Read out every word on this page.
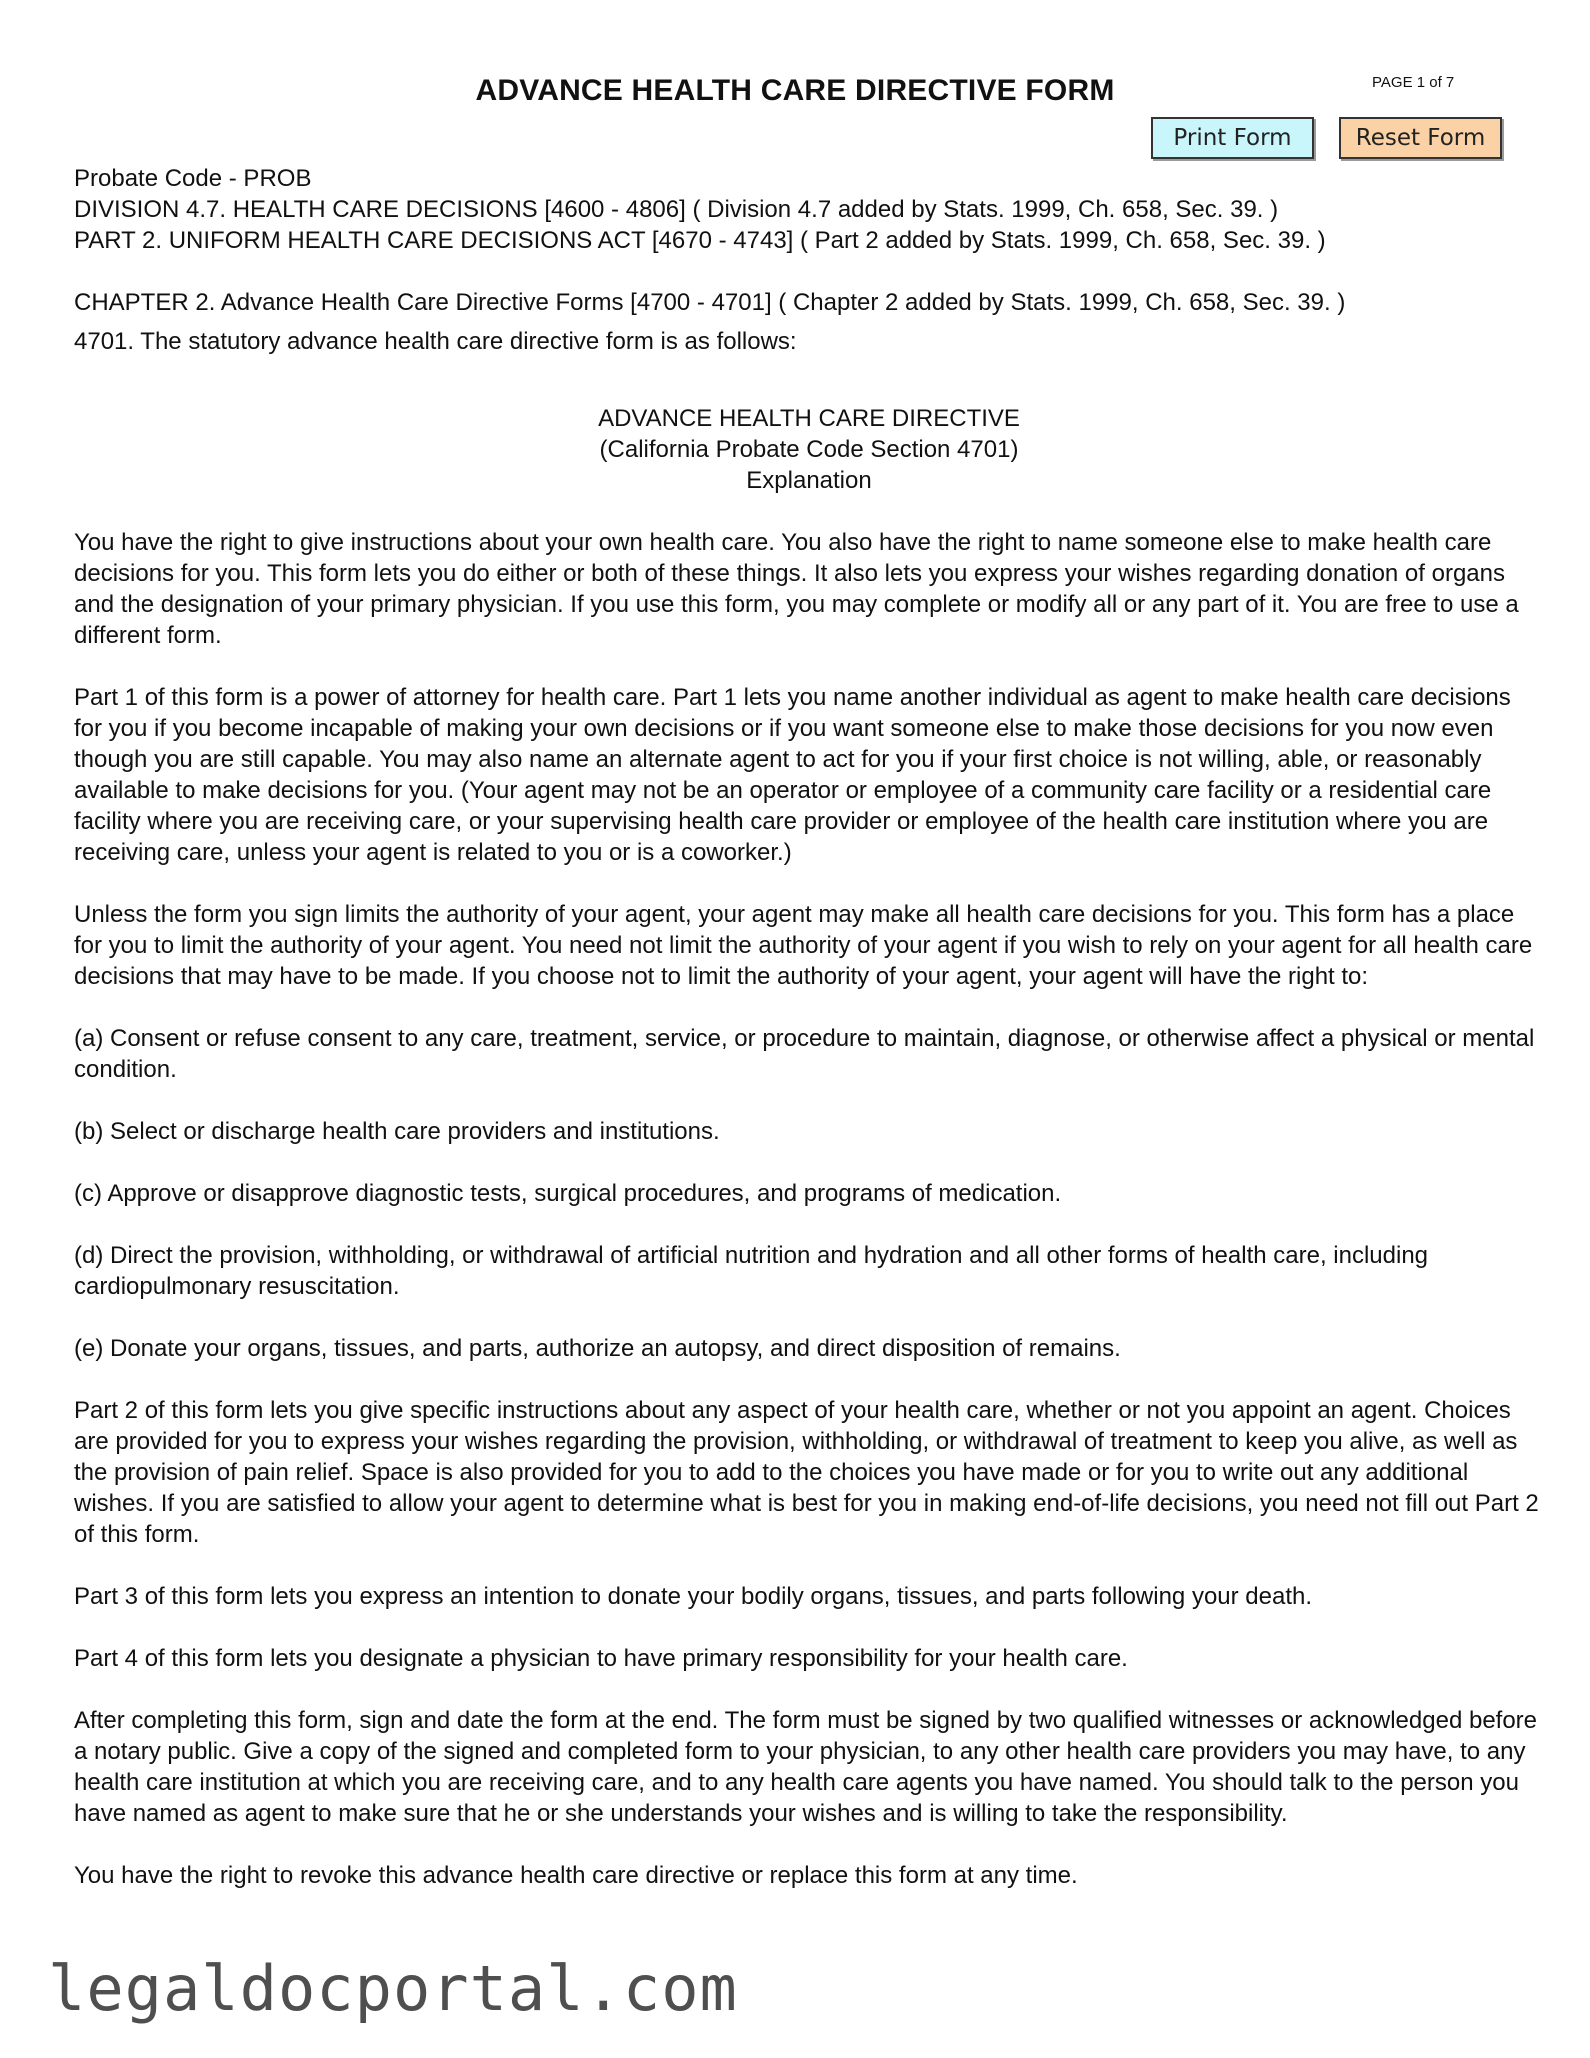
ADVANCE HEALTH CARE DIRECTIVE FORM	PAGE 1 of 7
Print Form	Reset Form

Probate Code - PROB

DIVISION 4.7. HEALTH CARE DECISIONS [4600 - 4806] ( Division 4.7 added by Stats. 1999, Ch. 658, Sec. 39. )

PART 2. UNIFORM HEALTH CARE DECISIONS ACT [4670 - 4743] ( Part 2 added by Stats. 1999, Ch. 658, Sec. 39. )

CHAPTER 2. Advance Health Care Directive Forms [4700 - 4701] ( Chapter 2 added by Stats. 1999, Ch. 658, Sec. 39. )

4701. The statutory advance health care directive form is as follows:

ADVANCE HEALTH CARE DIRECTIVE

(California Probate Code Section 4701)

Explanation

You have the right to give instructions about your own health care. You also have the right to name someone else to make health care decisions for you. This form lets you do either or both of these things. It also lets you express your wishes regarding donation of organs and the designation of your primary physician. If you use this form, you may complete or modify all or any part of it. You are free to use a different form.

Part 1 of this form is a power of attorney for health care. Part 1 lets you name another individual as agent to make health care decisions for you if you become incapable of making your own decisions or if you want someone else to make those decisions for you now even though you are still capable. You may also name an alternate agent to act for you if your first choice is not willing, able, or reasonably available to make decisions for you. (Your agent may not be an operator or employee of a community care facility or a residential care facility where you are receiving care, or your supervising health care provider or employee of the health care institution where you are receiving care, unless your agent is related to you or is a coworker.)

Unless the form you sign limits the authority of your agent, your agent may make all health care decisions for you. This form has a place for you to limit the authority of your agent. You need not limit the authority of your agent if you wish to rely on your agent for all health care decisions that may have to be made. If you choose not to limit the authority of your agent, your agent will have the right to:

(a) Consent or refuse consent to any care, treatment, service, or procedure to maintain, diagnose, or otherwise affect a physical or mental condition.

(b) Select or discharge health care providers and institutions.

(c) Approve or disapprove diagnostic tests, surgical procedures, and programs of medication.

(d) Direct the provision, withholding, or withdrawal of artificial nutrition and hydration and all other forms of health care, including cardiopulmonary resuscitation.

(e) Donate your organs, tissues, and parts, authorize an autopsy, and direct disposition of remains.

Part 2 of this form lets you give specific instructions about any aspect of your health care, whether or not you appoint an agent. Choices are provided for you to express your wishes regarding the provision, withholding, or withdrawal of treatment to keep you alive, as well as the provision of pain relief. Space is also provided for you to add to the choices you have made or for you to write out any additional wishes. If you are satisfied to allow your agent to determine what is best for you in making end-of-life decisions, you need not fill out Part 2 of this form.

Part 3 of this form lets you express an intention to donate your bodily organs, tissues, and parts following your death.

Part 4 of this form lets you designate a physician to have primary responsibility for your health care.

After completing this form, sign and date the form at the end. The form must be signed by two qualified witnesses or acknowledged before a notary public. Give a copy of the signed and completed form to your physician, to any other health care providers you may have, to any health care institution at which you are receiving care, and to any health care agents you have named. You should talk to the person you have named as agent to make sure that he or she understands your wishes and is willing to take the responsibility.

You have the right to revoke this advance health care directive or replace this form at any time.

legaldocportal.com
